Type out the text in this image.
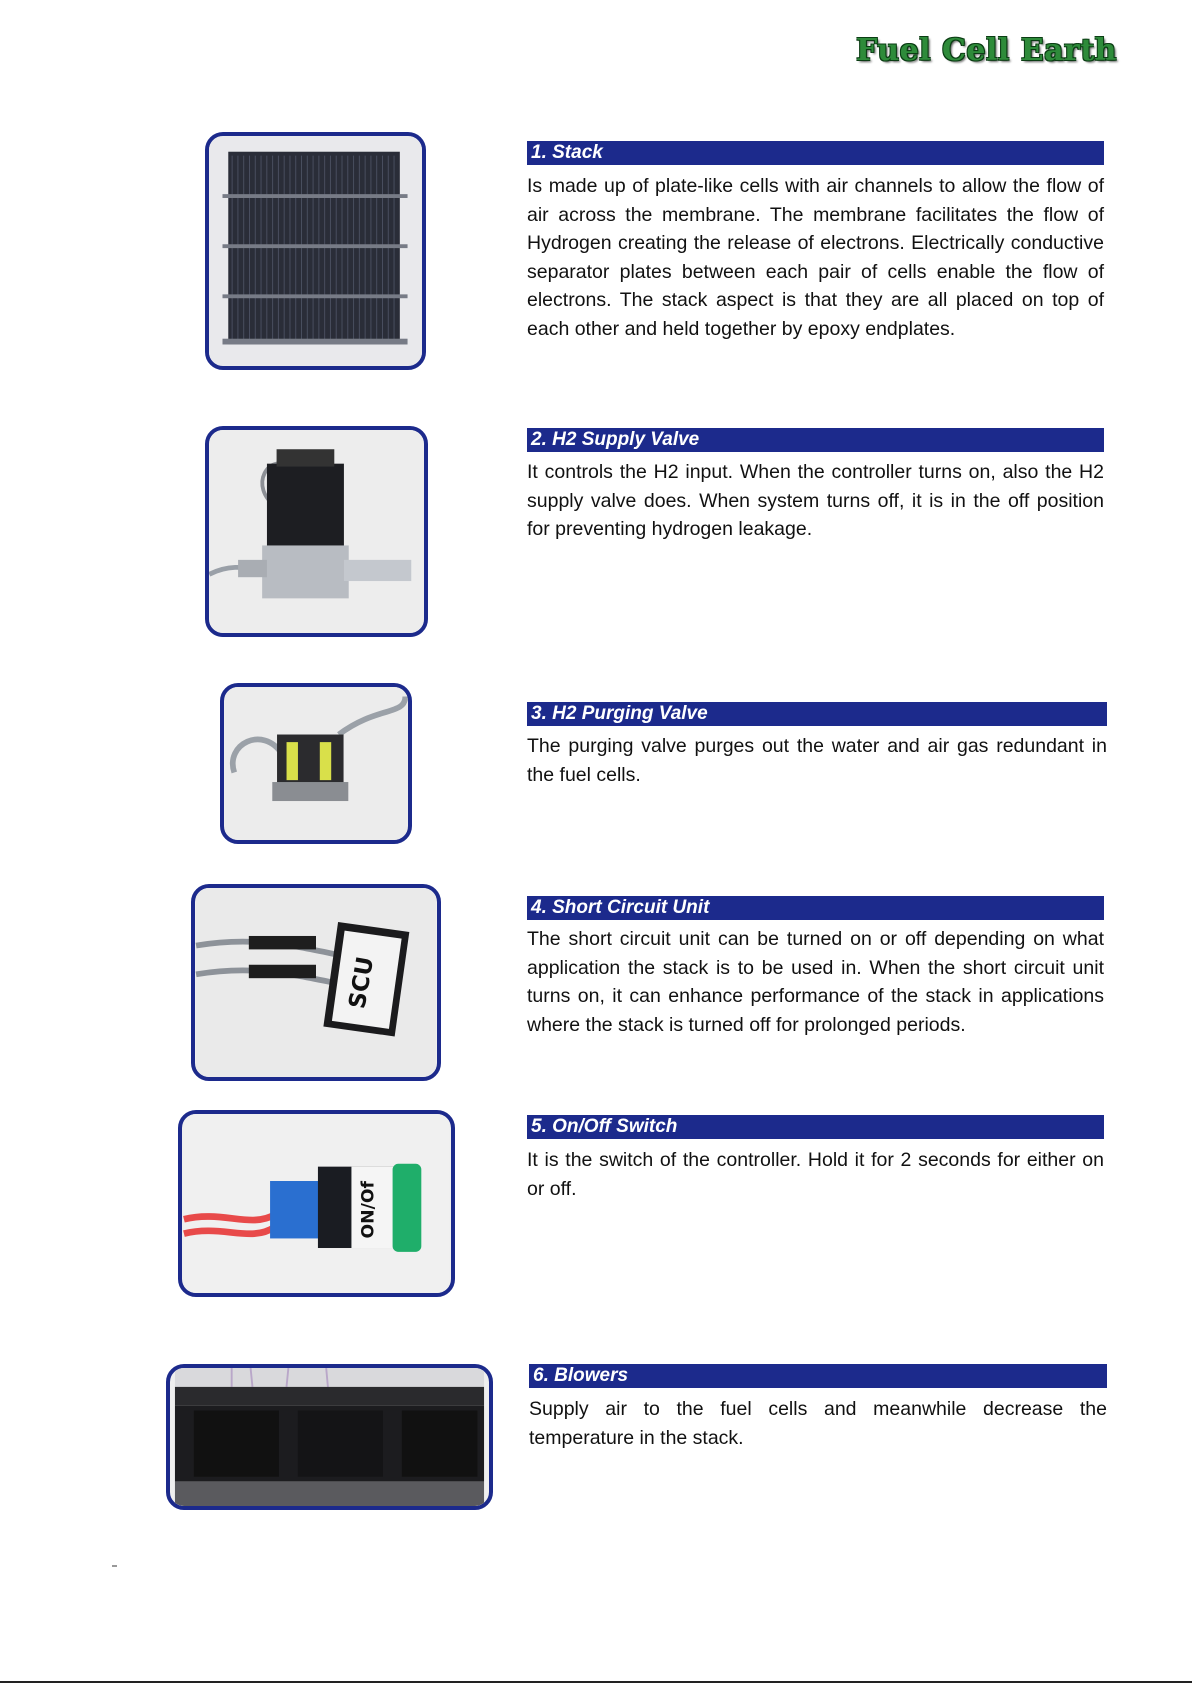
Fuel Cell Earth
1. Stack
Is made up of plate-like cells with air channels to allow the flow of air across the membrane. The membrane facilitates the flow of Hydrogen creating the release of electrons. Electrically conductive separator plates between each pair of cells enable the flow of electrons. The stack aspect is that they are all placed on top of each other and held together by epoxy endplates.
2. H2 Supply Valve
It controls the H2 input. When the controller turns on, also the H2 supply valve does. When system turns off, it is in the off position for preventing hydrogen leakage.
3. H2 Purging Valve
The purging valve purges out the water and air gas redundant in the fuel cells.
SCU
4. Short Circuit Unit
The short circuit unit can be turned on or off depending on what application the stack is to be used in. When the short circuit unit turns on, it can enhance performance of the stack in applications where the stack is turned off for prolonged periods.
ON/Of
5. On/Off Switch
It is the switch of the controller. Hold it for 2 seconds for either on or off.
6. Blowers
Supply air to the fuel cells and meanwhile decrease the temperature in the stack.
